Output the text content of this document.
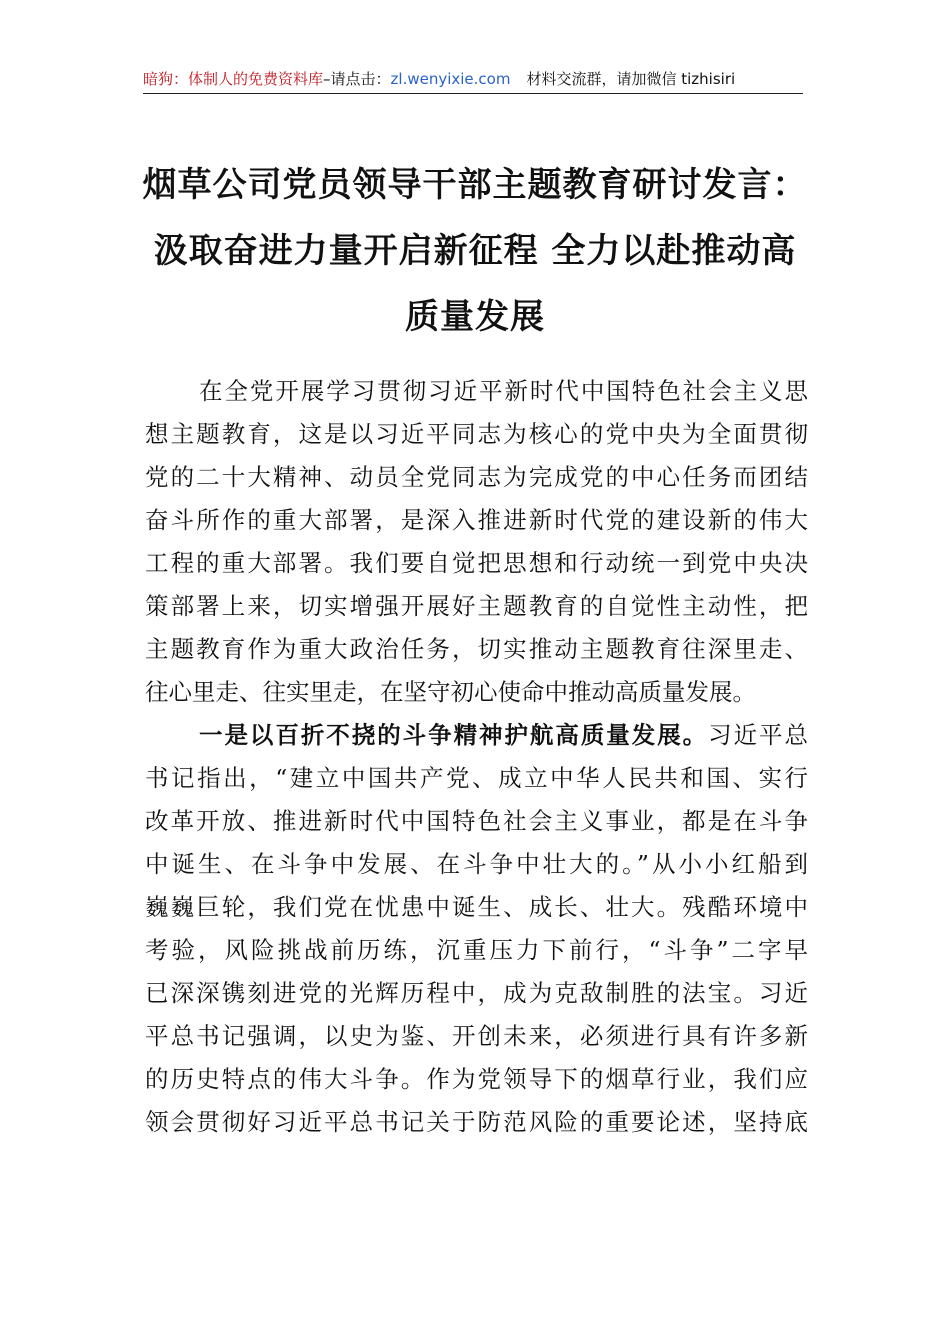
暗狗：体制人的免费资料库–请点击：zl.wenyixie.com 材料交流群，请加微信 tizhisiri
烟草公司党员领导干部主题教育研讨发言：
汲取奋进力量开启新征程 全力以赴推动高
质量发展
在全党开展学习贯彻习近平新时代中国特色社会主义思
想主题教育，这是以习近平同志为核心的党中央为全面贯彻
党的二十大精神、动员全党同志为完成党的中心任务而团结
奋斗所作的重大部署，是深入推进新时代党的建设新的伟大
工程的重大部署。我们要自觉把思想和行动统一到党中央决
策部署上来，切实增强开展好主题教育的自觉性主动性，把
主题教育作为重大政治任务，切实推动主题教育往深里走、
往心里走、往实里走，在坚守初心使命中推动高质量发展。
一是以百折不挠的斗争精神护航高质量发展。习近平总
书记指出，“建立中国共产党、成立中华人民共和国、实行
改革开放、推进新时代中国特色社会主义事业，都是在斗争
中诞生、在斗争中发展、在斗争中壮大的。”从小小红船到
巍巍巨轮，我们党在忧患中诞生、成长、壮大。残酷环境中
考验，风险挑战前历练，沉重压力下前行，“斗争”二字早
已深深镌刻进党的光辉历程中，成为克敌制胜的法宝。习近
平总书记强调，以史为鉴、开创未来，必须进行具有许多新
的历史特点的伟大斗争。作为党领导下的烟草行业，我们应
领会贯彻好习近平总书记关于防范风险的重要论述，坚持底
